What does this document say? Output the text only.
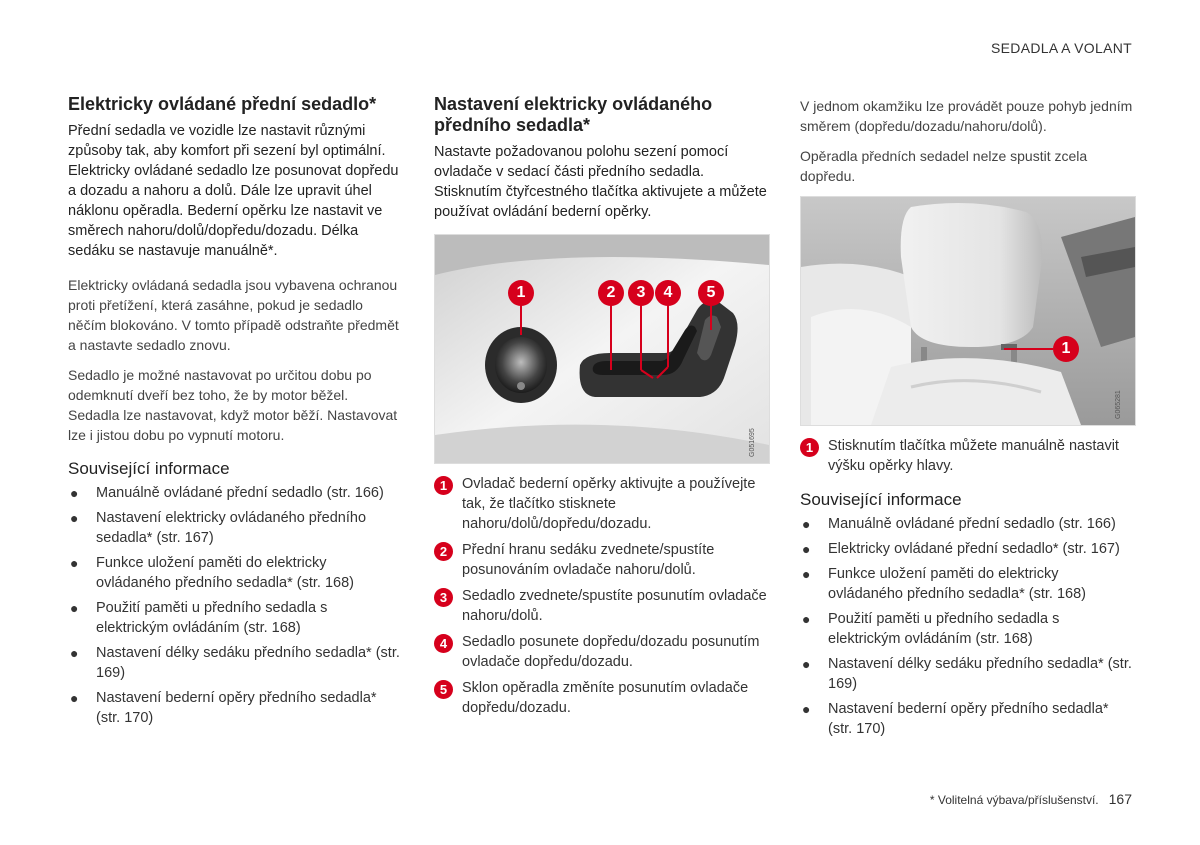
SEDADLA A VOLANT
Elektricky ovládané přední sedadlo*

Přední sedadla ve vozidle lze nastavit různými způsoby tak, aby komfort při sezení byl optimální. Elektricky ovládané sedadlo lze posunovat dopředu a dozadu a nahoru a dolů. Dále lze upravit úhel náklonu opěradla. Bederní opěrku lze nastavit ve směrech nahoru/dolů/dopředu/dozadu. Délka sedáku se nastavuje manuálně*.

Elektricky ovládaná sedadla jsou vybavena ochranou proti přetížení, která zasáhne, pokud je sedadlo něčím blokováno. V tomto případě odstraňte předmět a nastavte sedadlo znovu.

Sedadlo je možné nastavovat po určitou dobu po odemknutí dveří bez toho, že by motor běžel. Sedadla lze nastavovat, když motor běží. Nastavovat lze i jistou dobu po vypnutí motoru.

Související informace
● Manuálně ovládané přední sedadlo (str. 166)
● Nastavení elektricky ovládaného předního sedadla* (str. 167)
● Funkce uložení paměti do elektricky ovládaného předního sedadla* (str. 168)
● Použití paměti u předního sedadla s elektrickým ovládáním (str. 168)
● Nastavení délky sedáku předního sedadla* (str. 169)
● Nastavení bederní opěry předního sedadla* (str. 170)
Nastavení elektricky ovládaného předního sedadla*

Nastavte požadovanou polohu sezení pomocí ovladače v sedací části předního sedadla. Stisknutím čtyřcestného tlačítka aktivujete a můžete používat ovládání bederní opěrky.

1	2	3	4	5
G051695
1	Ovladač bederní opěrky aktivujte a používejte tak, že tlačítko stisknete nahoru/dolů/dopředu/dozadu.
2	Přední hranu sedáku zvednete/spustíte posunováním ovladače nahoru/dolů.
3	Sedadlo zvednete/spustíte posunutím ovladače nahoru/dolů.
4	Sedadlo posunete dopředu/dozadu posunutím ovladače dopředu/dozadu.
5	Sklon opěradla změníte posunutím ovladače dopředu/dozadu.

V jednom okamžiku lze provádět pouze pohyb jedním směrem (dopředu/dozadu/nahoru/dolů).

Opěradla předních sedadel nelze spustit zcela dopředu.

1
G065281
1	Stisknutím tlačítka můžete manuálně nastavit výšku opěrky hlavy.
Související informace
● Manuálně ovládané přední sedadlo (str. 166)
● Elektricky ovládané přední sedadlo* (str. 167)
● Funkce uložení paměti do elektricky ovládaného předního sedadla* (str. 168)
● Použití paměti u předního sedadla s elektrickým ovládáním (str. 168)
● Nastavení délky sedáku předního sedadla* (str. 169)
● Nastavení bederní opěry předního sedadla* (str. 170)
* Volitelná výbava/příslušenství. 167
